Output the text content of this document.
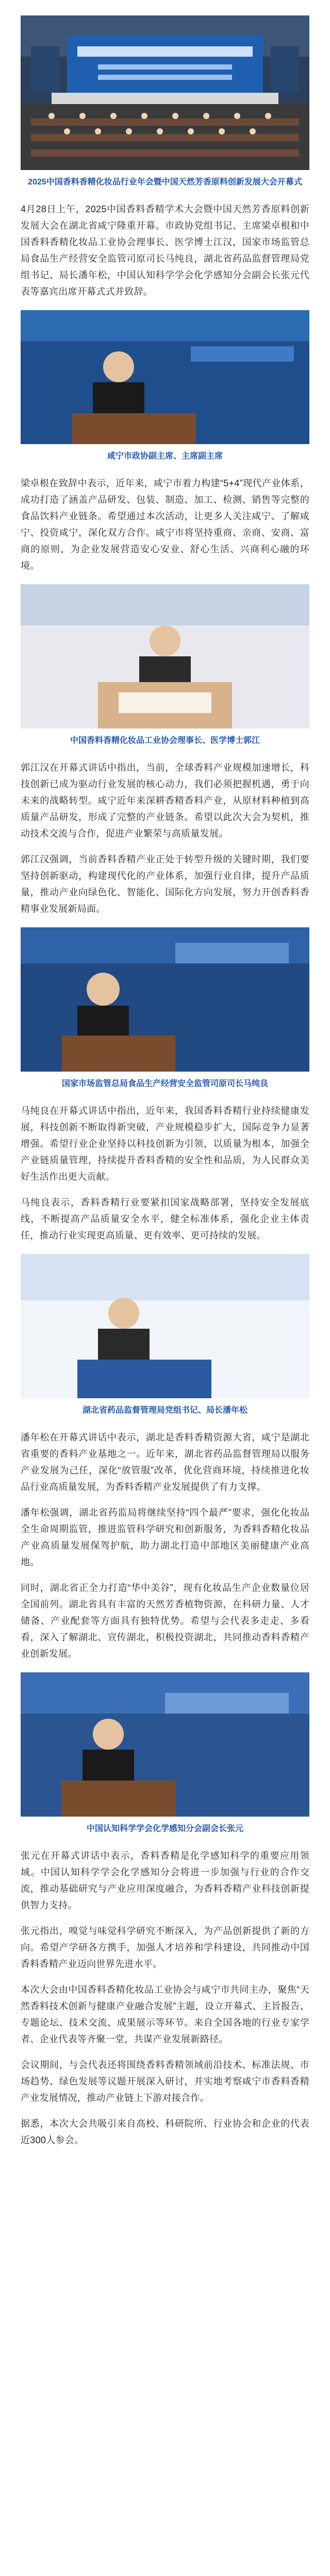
2025中国香料香精化妆品行业年会暨中国天然芳香原料创新发展大会开幕式

4月28日上午，2025中国香料香精学术大会暨中国天然芳香原料创新发展大会在湖北省咸宁隆重开幕。市政协党组书记、主席梁卓根和中国香料香精化妆品工业协会理事长、医学博士江汉，国家市场监管总局食品生产经营安全监管司原司长马纯良，湖北省药品监督管理局党组书记、局长潘年松，中国认知科学学会化学感知分会副会长张元代表等嘉宾出席开幕式式并致辞。

咸宁市政协副主席、主席副主席

梁卓根在致辞中表示，近年来，咸宁市着力构建“5+4”现代产业体系，成功打造了涵盖产品研发、包装、制造、加工、检测、销售等完整的食品饮料产业链条。希望通过本次活动，让更多人关注咸宁、了解咸宁、投资咸宁，深化双方合作。咸宁市将坚持重商、亲商、安商、富商的原则，为企业发展营造安心安业、舒心生活、兴商利心融的环境。

中国香料香精化妆品工业协会理事长、医学博士郭江

郭江汉在开幕式讲话中指出，当前，全球香料产业规模加速增长，科技创新已成为驱动行业发展的核心动力，我们必须把握机遇，勇于向未来的战略转型。咸宁近年来深耕香精香料产业，从原材料种植到高质量产品研发，形成了完整的产业链条。希望以此次大会为契机，推动技术交流与合作，促进产业繁荣与高质量发展。

郭江汉强调，当前香料香精产业正处于转型升级的关键时期，我们要坚持创新驱动，构建现代化的产业体系，加强行业自律，提升产品质量，推动产业向绿色化、智能化、国际化方向发展，努力开创香料香精事业发展新局面。

国家市场监管总局食品生产经营安全监管司原司长马纯良

马纯良在开幕式讲话中指出，近年来，我国香料香精行业持续健康发展，科技创新不断取得新突破，产业规模稳步扩大，国际竞争力显著增强。希望行业企业坚持以科技创新为引领，以质量为根本，加强全产业链质量管理，持续提升香料香精的安全性和品质，为人民群众美好生活作出更大贡献。

马纯良表示，香料香精行业要紧扣国家战略部署，坚持安全发展底线，不断提高产品质量安全水平，健全标准体系，强化企业主体责任，推动行业实现更高质量、更有效率、更可持续的发展。

湖北省药品监督管理局党组书记、局长潘年松

潘年松在开幕式讲话中表示，湖北是香料香精资源大省，咸宁是湖北省重要的香料产业基地之一。近年来，湖北省药品监督管理局以服务产业发展为己任，深化“放管服”改革，优化营商环境，持续推进化妆品行业高质量发展，为香料香精产业发展提供了有力支撑。

潘年松强调，湖北省药监局将继续坚持“四个最严”要求，强化化妆品全生命周期监管，推进监管科学研究和创新服务，为香料香精化妆品产业高质量发展保驾护航，助力湖北打造中部地区美丽健康产业高地。

同时，湖北省正全力打造“华中美谷”，现有化妆品生产企业数量位居全国前列。湖北省具有丰富的天然芳香植物资源，在科研力量、人才储备、产业配套等方面具有独特优势。希望与会代表多走走、多看看，深入了解湖北、宣传湖北，积极投资湖北，共同推动香料香精产业创新发展。

中国认知科学学会化学感知分会副会长张元

张元在开幕式讲话中表示，香料香精是化学感知科学的重要应用领域。中国认知科学学会化学感知分会将进一步加强与行业的合作交流，推动基础研究与产业应用深度融合，为香料香精产业科技创新提供智力支持。

张元指出，嗅觉与味觉科学研究不断深入，为产品创新提供了新的方向。希望产学研各方携手，加强人才培养和学科建设，共同推动中国香料香精产业迈向世界先进水平。

本次大会由中国香料香精化妆品工业协会与咸宁市共同主办，聚焦“天然香料技术创新与健康产业融合发展”主题，设立开幕式、主旨报告、专题论坛、技术交流、成果展示等环节。来自全国各地的行业专家学者、企业代表等齐聚一堂，共谋产业发展新路径。

会议期间，与会代表还将围绕香料香精领域前沿技术、标准法规、市场趋势、绿色发展等议题开展深入研讨，并实地考察咸宁市香料香精产业发展情况，推动产业链上下游对接合作。

据悉，本次大会共吸引来自高校、科研院所、行业协会和企业的代表近300人参会。
